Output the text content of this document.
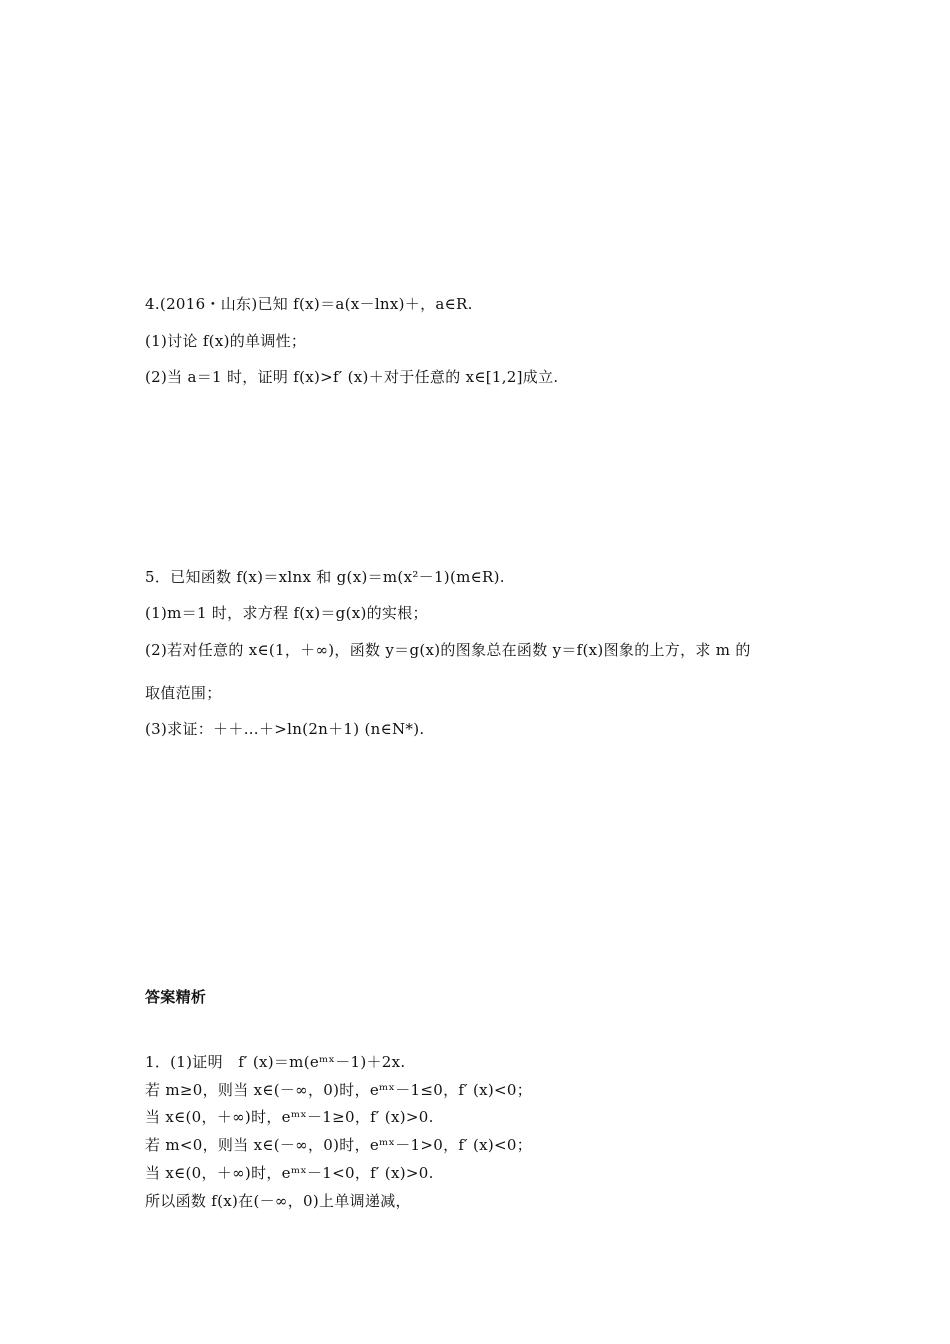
4.(2016・山东)已知 f(x)＝a(x－lnx)＋，a∈R.

(1)讨论 f(x)的单调性；

(2)当 a＝1 时，证明 f(x)>f′ (x)＋对于任意的 x∈[1,2]成立.

5．已知函数 f(x)＝xlnx 和 g(x)＝m(x²－1)(m∈R).

(1)m＝1 时，求方程 f(x)＝g(x)的实根；

(2)若对任意的 x∈(1，＋∞)，函数 y＝g(x)的图象总在函数 y＝f(x)图象的上方，求 m 的

取值范围；

(3)求证：＋＋…＋>ln(2n＋1) (n∈N*).

答案精析

1．(1)证明　f′ (x)＝m(eᵐˣ－1)＋2x.

若 m≥0，则当 x∈(－∞，0)时，eᵐˣ－1≤0，f′ (x)<0；

当 x∈(0，＋∞)时，eᵐˣ－1≥0，f′ (x)>0.

若 m<0，则当 x∈(－∞，0)时，eᵐˣ－1>0，f′ (x)<0；

当 x∈(0，＋∞)时，eᵐˣ－1<0，f′ (x)>0.

所以函数 f(x)在(－∞，0)上单调递减，
